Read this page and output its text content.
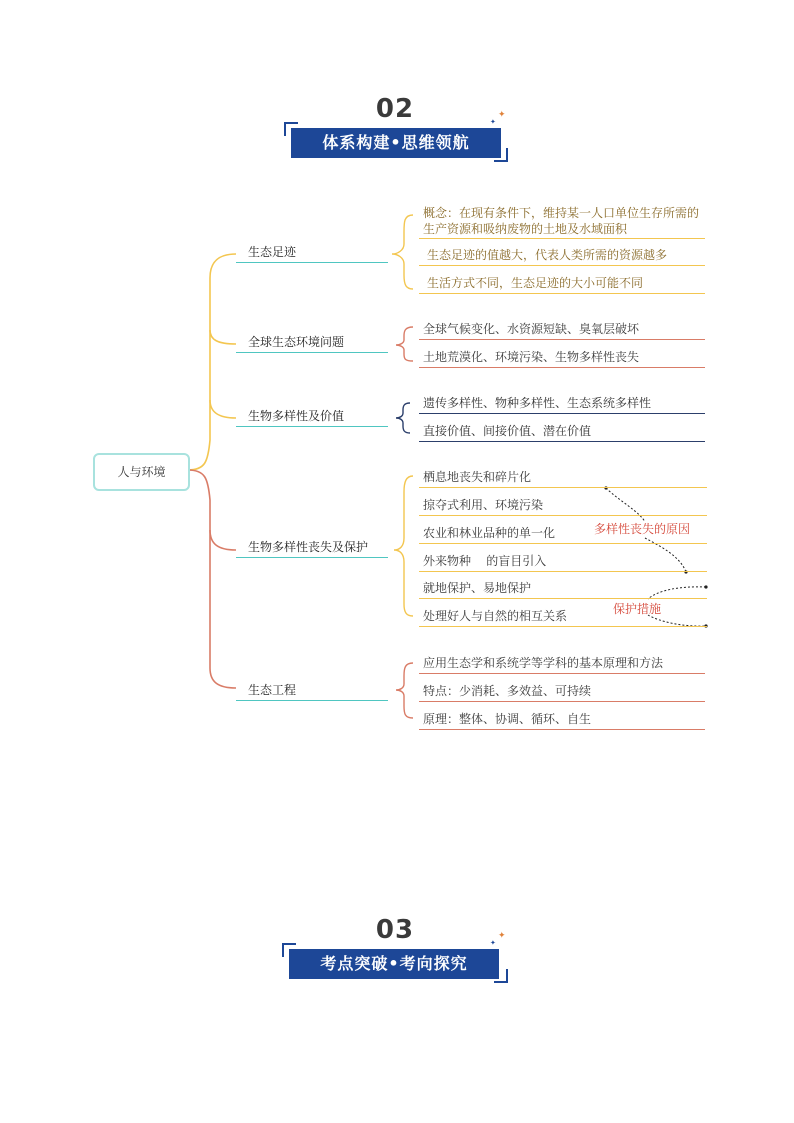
02
体系构建•思维领航
✦
✦
人与环境
生态足迹
全球生态环境问题
生物多样性及价值
生物多样性丧失及保护
生态工程
概念：在现有条件下，维持某一人口单位生存所需的生产资源和吸纳废物的土地及水域面积
生态足迹的值越大，代表人类所需的资源越多
生活方式不同，生态足迹的大小可能不同
全球气候变化、水资源短缺、臭氧层破坏
土地荒漠化、环境污染、生物多样性丧失
遗传多样性、物种多样性、生态系统多样性
直接价值、间接价值、潜在价值
栖息地丧失和碎片化
掠夺式利用、环境污染
农业和林业品种的单一化
外来物种    的盲目引入
就地保护、易地保护
处理好人与自然的相互关系
多样性丧失的原因
保护措施
应用生态学和系统学等学科的基本原理和方法
特点：少消耗、多效益、可持续
原理：整体、协调、循环、自生
03
考点突破•考向探究
✦
✦
